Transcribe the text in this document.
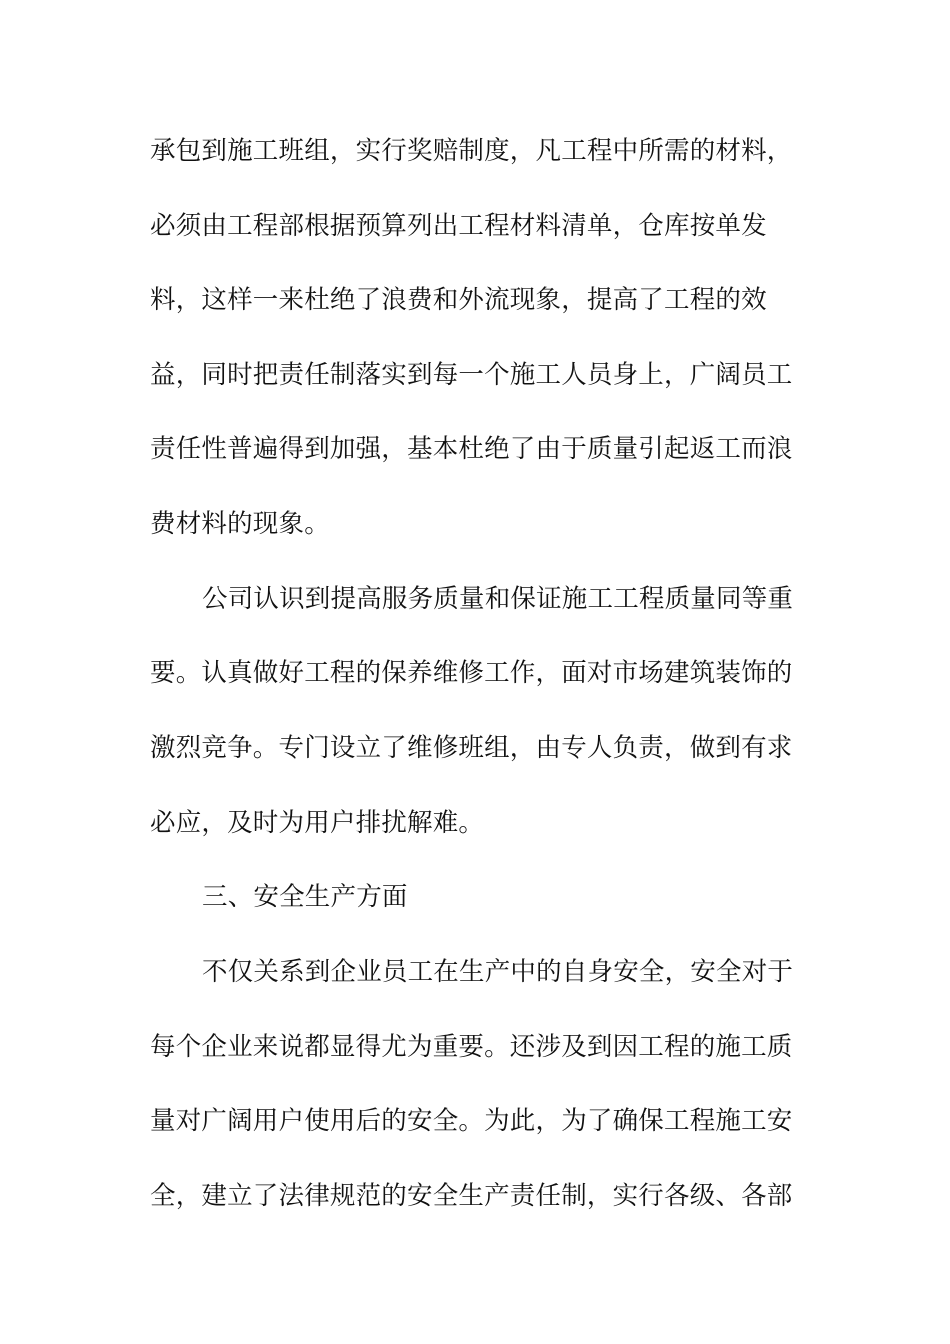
承包到施工班组，实行奖赔制度，凡工程中所需的材料，
必须由工程部根据预算列出工程材料清单，仓库按单发
料，这样一来杜绝了浪费和外流现象，提高了工程的效
益，同时把责任制落实到每一个施工人员身上，广阔员工
责任性普遍得到加强，基本杜绝了由于质量引起返工而浪
费材料的现象。
公司认识到提高服务质量和保证施工工程质量同等重
要。认真做好工程的保养维修工作，面对市场建筑装饰的
激烈竞争。专门设立了维修班组，由专人负责，做到有求
必应，及时为用户排扰解难。
三、安全生产方面
不仅关系到企业员工在生产中的自身安全，安全对于
每个企业来说都显得尤为重要。还涉及到因工程的施工质
量对广阔用户使用后的安全。为此，为了确保工程施工安
全，建立了法律规范的安全生产责任制，实行各级、各部
